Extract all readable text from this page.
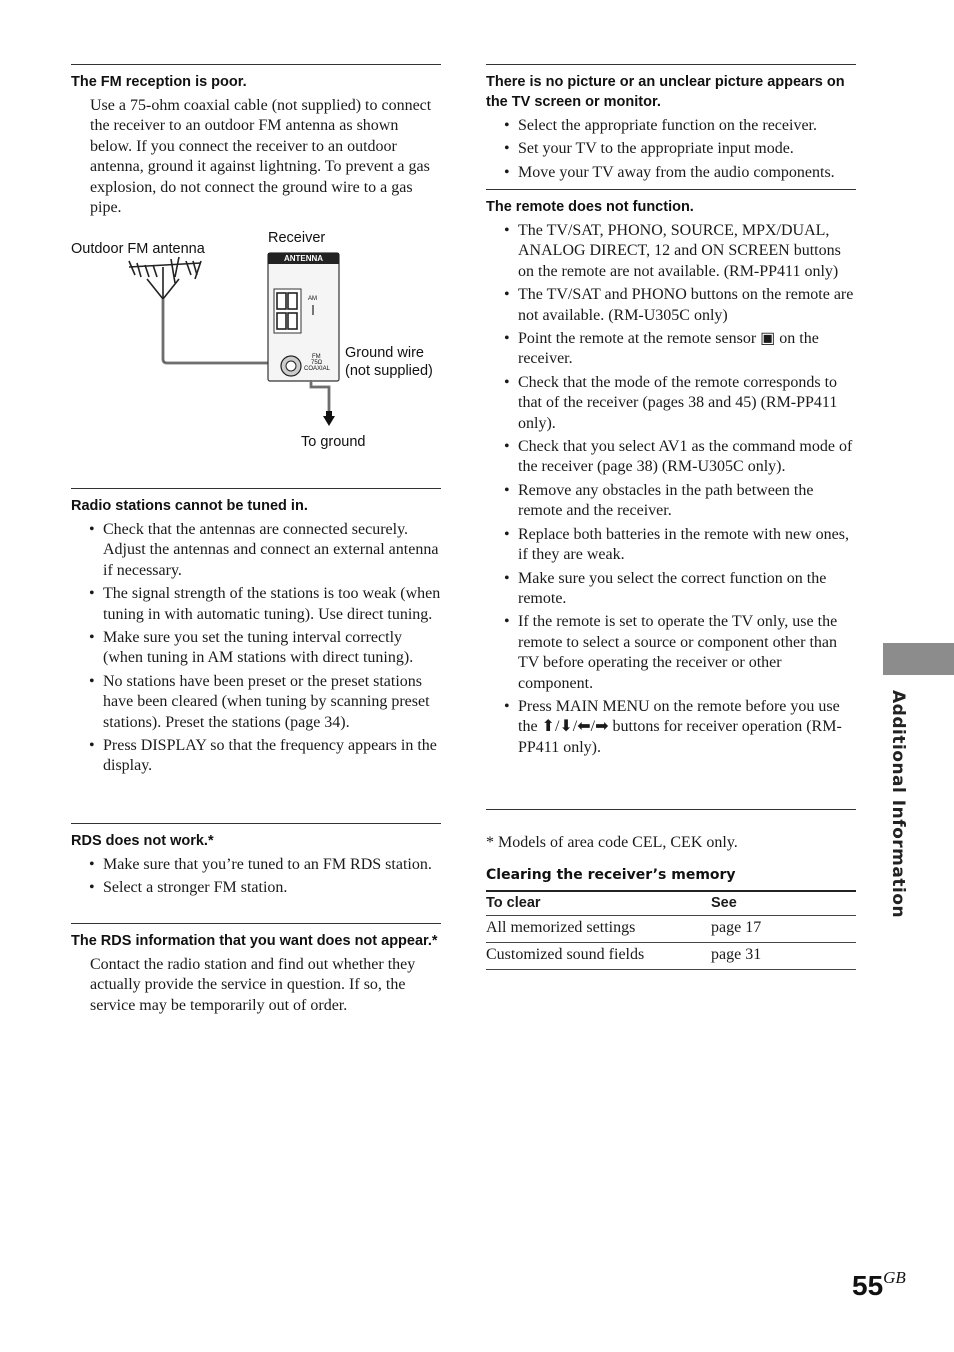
The FM reception is poor.

Use a 75-ohm coaxial cable (not supplied) to connect the receiver to an outdoor FM antenna as shown below. If you connect the receiver to an outdoor antenna, ground it against lightning. To prevent a gas explosion, do not connect the ground wire to a gas pipe.

Outdoor FM antenna
Receiver
ANTENNA
AM
FM
75Ω
COAXIAL
Ground wire
(not supplied)
To ground

Radio stations cannot be tuned in.

• Check that the antennas are connected securely. Adjust the antennas and connect an external antenna if necessary.
• The signal strength of the stations is too weak (when tuning in with automatic tuning). Use direct tuning.
• Make sure you set the tuning interval correctly (when tuning in AM stations with direct tuning).
• No stations have been preset or the preset stations have been cleared (when tuning by scanning preset stations). Preset the stations (page 34).
• Press DISPLAY so that the frequency appears in the display.

RDS does not work.*

• Make sure that you’re tuned to an FM RDS station.
• Select a stronger FM station.

The RDS information that you want does not appear.*

Contact the radio station and find out whether they actually provide the service in question. If so, the service may be temporarily out of order.

There is no picture or an unclear picture appears on the TV screen or monitor.

• Select the appropriate function on the receiver.
• Set your TV to the appropriate input mode.
• Move your TV away from the audio components.

The remote does not function.

• The TV/SAT, PHONO, SOURCE, MPX/DUAL, ANALOG DIRECT, 12 and ON SCREEN buttons on the remote are not available. (RM-PP411 only)
• The TV/SAT and PHONO buttons on the remote are not available. (RM-U305C only)
• Point the remote at the remote sensor ▣ on the receiver.
• Check that the mode of the remote corresponds to that of the receiver (pages 38 and 45) (RM-PP411 only).
• Check that you select AV1 as the command mode of the receiver (page 38) (RM-U305C only).
• Remove any obstacles in the path between the remote and the receiver.
• Replace both batteries in the remote with new ones, if they are weak.
• Make sure you select the correct function on the remote.
• If the remote is set to operate the TV only, use the remote to select a source or component other than TV before operating the receiver or other component.
• Press MAIN MENU on the remote before you use the ⬆/⬇/⬅/➡ buttons for receiver operation (RM-PP411 only).

* Models of area code CEL, CEK only.

Clearing the receiver’s memory

To clear	See
All memorized settings	page 17
Customized sound fields	page 31
Additional Information
$55^{GB}$
